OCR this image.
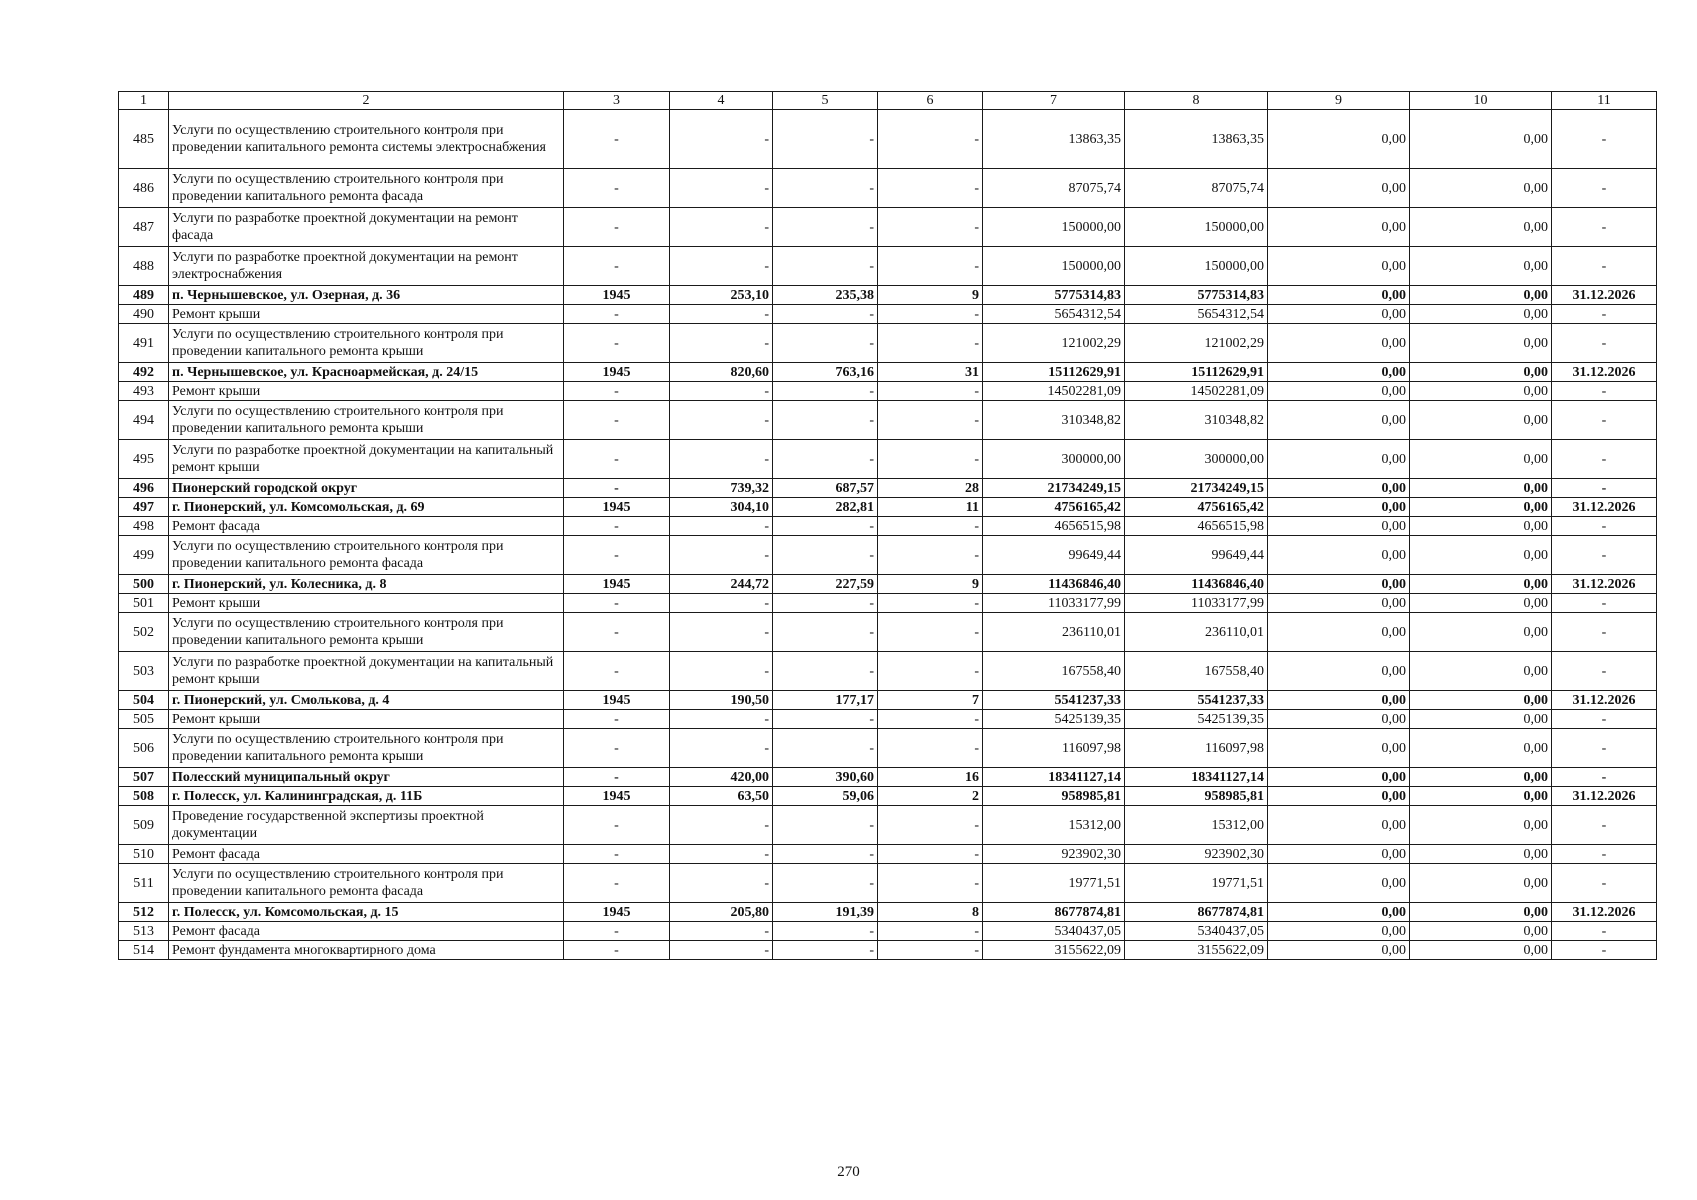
1	2	3	4	5	6	7	8	9	10	11
485	Услуги по осуществлению строительного контроля при проведении капитального ремонта системы электроснабжения	-	-	-	-	13863,35	13863,35	0,00	0,00	-
486	Услуги по осуществлению строительного контроля при проведении капитального ремонта фасада	-	-	-	-	87075,74	87075,74	0,00	0,00	-
487	Услуги по разработке проектной документации на ремонт фасада	-	-	-	-	150000,00	150000,00	0,00	0,00	-
488	Услуги по разработке проектной документации на ремонт электроснабжения	-	-	-	-	150000,00	150000,00	0,00	0,00	-
489	п. Чернышевское, ул. Озерная, д. 36	1945	253,10	235,38	9	5775314,83	5775314,83	0,00	0,00	31.12.2026
490	Ремонт крыши	-	-	-	-	5654312,54	5654312,54	0,00	0,00	-
491	Услуги по осуществлению строительного контроля при проведении капитального ремонта крыши	-	-	-	-	121002,29	121002,29	0,00	0,00	-
492	п. Чернышевское, ул. Красноармейская, д. 24/15	1945	820,60	763,16	31	15112629,91	15112629,91	0,00	0,00	31.12.2026
493	Ремонт крыши	-	-	-	-	14502281,09	14502281,09	0,00	0,00	-
494	Услуги по осуществлению строительного контроля при проведении капитального ремонта крыши	-	-	-	-	310348,82	310348,82	0,00	0,00	-
495	Услуги по разработке проектной документации на капитальный ремонт крыши	-	-	-	-	300000,00	300000,00	0,00	0,00	-
496	Пионерский городской округ	-	739,32	687,57	28	21734249,15	21734249,15	0,00	0,00	-
497	г. Пионерский, ул. Комсомольская, д. 69	1945	304,10	282,81	11	4756165,42	4756165,42	0,00	0,00	31.12.2026
498	Ремонт фасада	-	-	-	-	4656515,98	4656515,98	0,00	0,00	-
499	Услуги по осуществлению строительного контроля при проведении капитального ремонта фасада	-	-	-	-	99649,44	99649,44	0,00	0,00	-
500	г. Пионерский, ул. Колесника, д. 8	1945	244,72	227,59	9	11436846,40	11436846,40	0,00	0,00	31.12.2026
501	Ремонт крыши	-	-	-	-	11033177,99	11033177,99	0,00	0,00	-
502	Услуги по осуществлению строительного контроля при проведении капитального ремонта крыши	-	-	-	-	236110,01	236110,01	0,00	0,00	-
503	Услуги по разработке проектной документации на капитальный ремонт крыши	-	-	-	-	167558,40	167558,40	0,00	0,00	-
504	г. Пионерский, ул. Смолькова, д. 4	1945	190,50	177,17	7	5541237,33	5541237,33	0,00	0,00	31.12.2026
505	Ремонт крыши	-	-	-	-	5425139,35	5425139,35	0,00	0,00	-
506	Услуги по осуществлению строительного контроля при проведении капитального ремонта крыши	-	-	-	-	116097,98	116097,98	0,00	0,00	-
507	Полесский муниципальный округ	-	420,00	390,60	16	18341127,14	18341127,14	0,00	0,00	-
508	г. Полесск, ул. Калининградская, д. 11Б	1945	63,50	59,06	2	958985,81	958985,81	0,00	0,00	31.12.2026
509	Проведение государственной экспертизы проектной документации	-	-	-	-	15312,00	15312,00	0,00	0,00	-
510	Ремонт фасада	-	-	-	-	923902,30	923902,30	0,00	0,00	-
511	Услуги по осуществлению строительного контроля при проведении капитального ремонта фасада	-	-	-	-	19771,51	19771,51	0,00	0,00	-
512	г. Полесск, ул. Комсомольская, д. 15	1945	205,80	191,39	8	8677874,81	8677874,81	0,00	0,00	31.12.2026
513	Ремонт фасада	-	-	-	-	5340437,05	5340437,05	0,00	0,00	-
514	Ремонт фундамента многоквартирного дома	-	-	-	-	3155622,09	3155622,09	0,00	0,00	-
270
